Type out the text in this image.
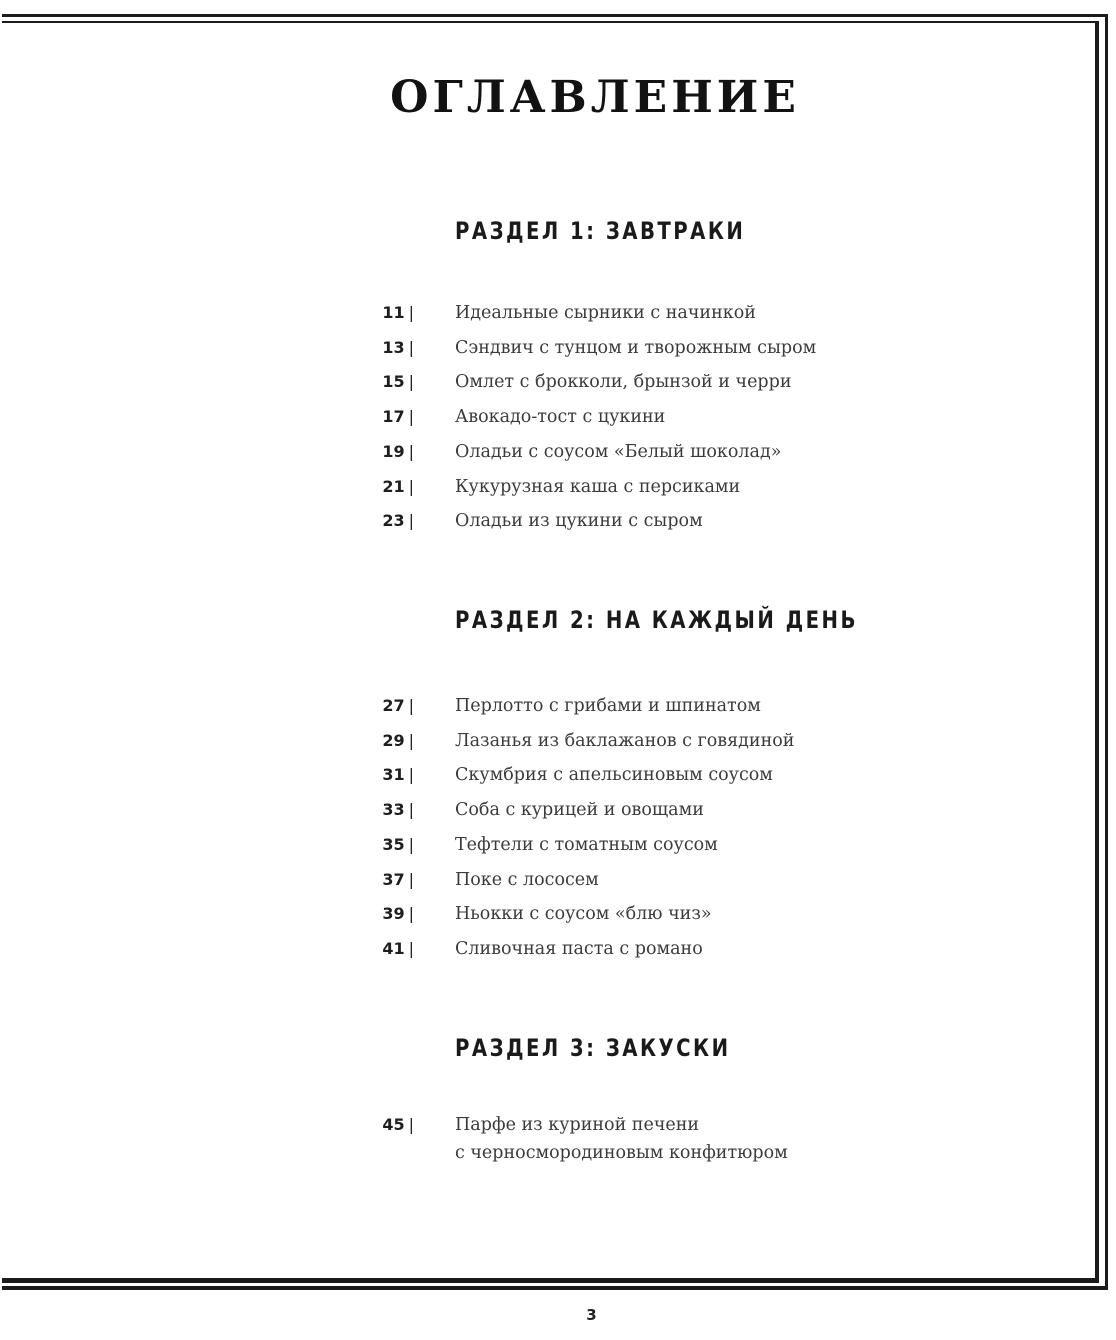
ОГЛАВЛЕНИЕ
РАЗДЕЛ 1: ЗАВТРАКИ
РАЗДЕЛ 2: НА КАЖДЫЙ ДЕНЬ
РАЗДЕЛ 3: ЗАКУСКИ
11 | Идеальные сырники с начинкой
13 | Сэндвич с тунцом и творожным сыром
15 | Омлет с брокколи, брынзой и черри
17 | Авокадо-тост с цукини
19 | Оладьи с соусом «Белый шоколад»
21 | Кукурузная каша с персиками
23 | Оладьи из цукини с сыром
27 | Перлотто с грибами и шпинатом
29 | Лазанья из баклажанов с говядиной
31 | Скумбрия с апельсиновым соусом
33 | Соба с курицей и овощами
35 | Тефтели с томатным соусом
37 | Поке с лососем
39 | Ньокки с соусом «блю чиз»
41 | Сливочная паста с романо
45 | Парфе из куриной печени
с черносмородиновым конфитюром
3
